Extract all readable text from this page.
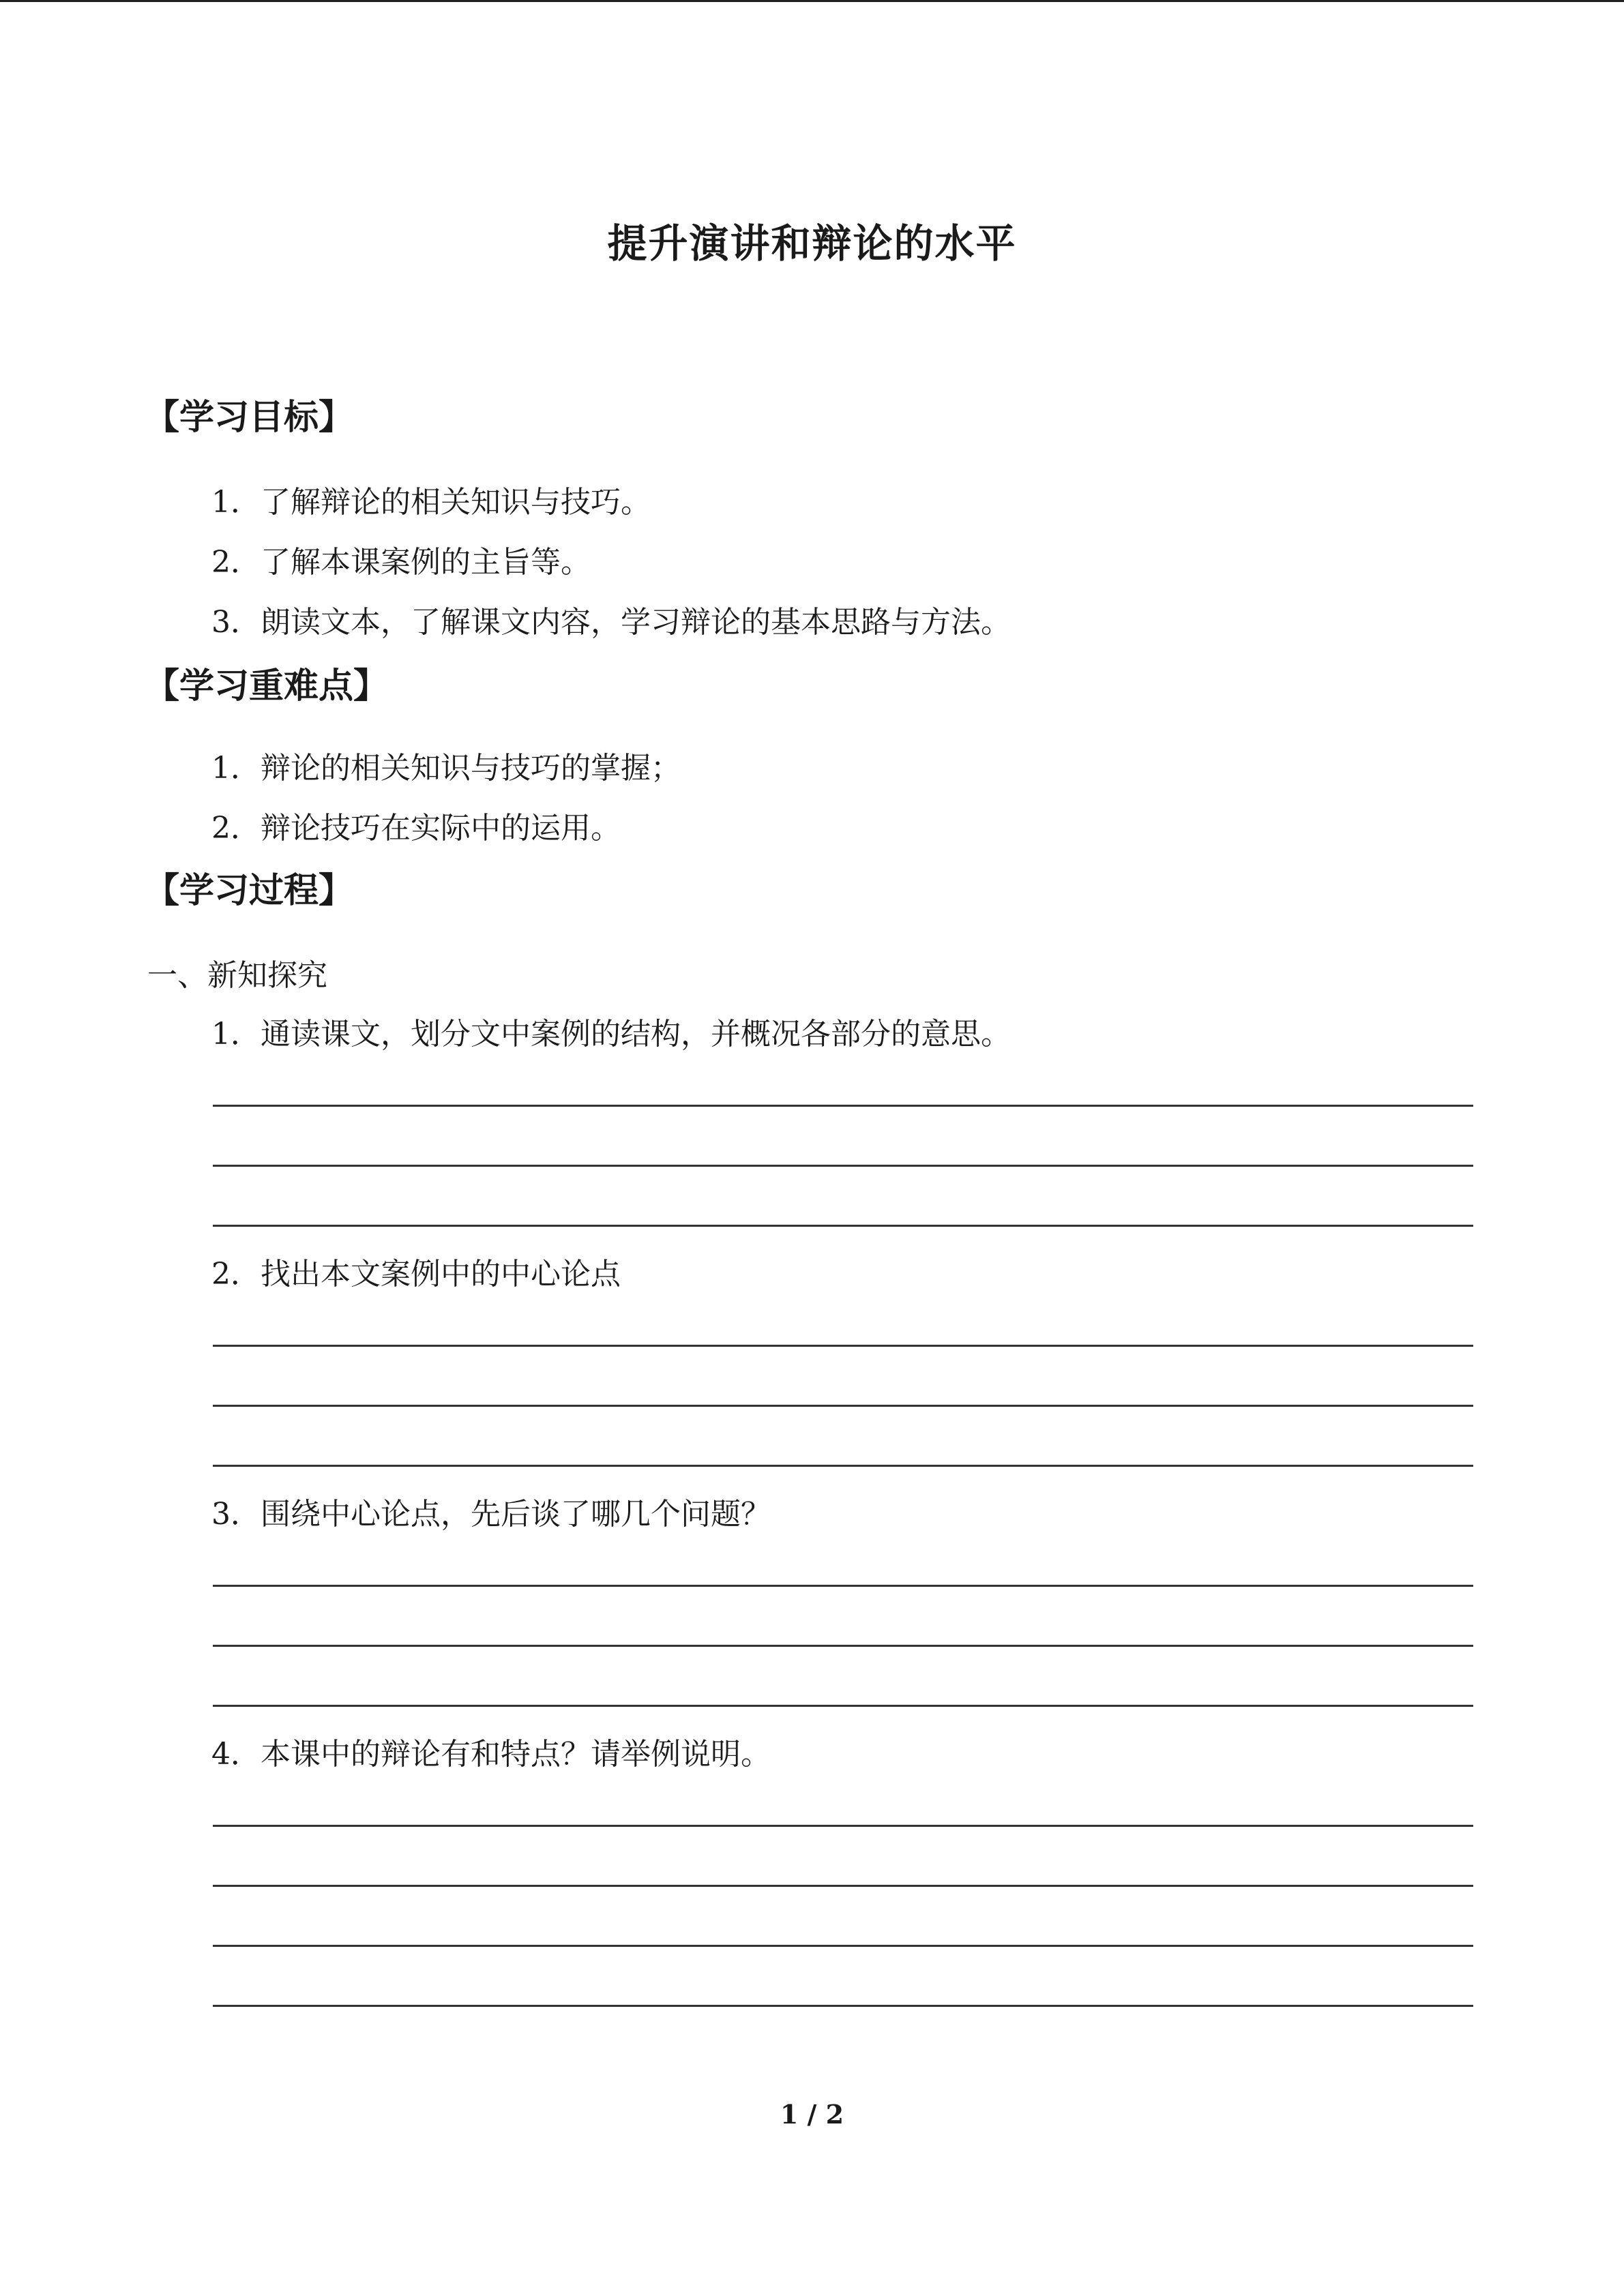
提升演讲和辩论的水平
【学习目标】
1．了解辩论的相关知识与技巧。
2．了解本课案例的主旨等。
3．朗读文本，了解课文内容，学习辩论的基本思路与方法。
【学习重难点】
1．辩论的相关知识与技巧的掌握；
2．辩论技巧在实际中的运用。
【学习过程】
一、新知探究
1．通读课文，划分文中案例的结构，并概况各部分的意思。
2．找出本文案例中的中心论点
3．围绕中心论点，先后谈了哪几个问题？
4．本课中的辩论有和特点？请举例说明。
1 / 2
